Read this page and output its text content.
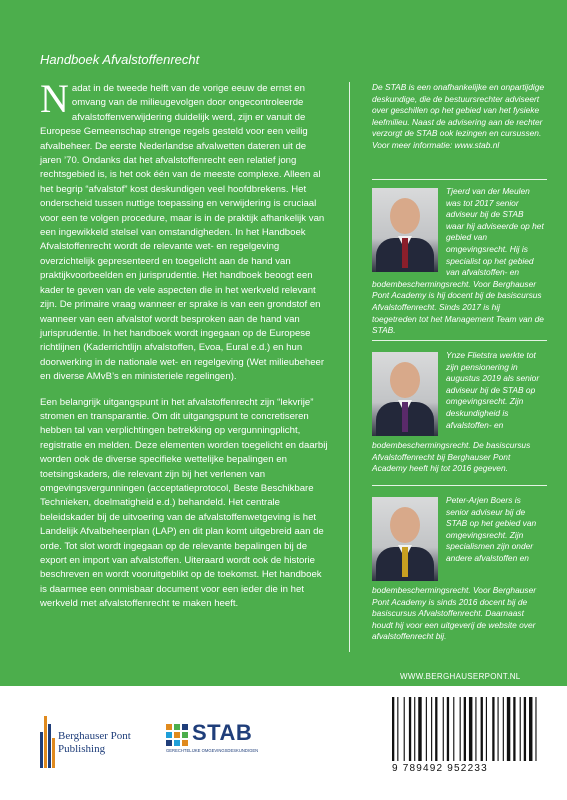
Handboek Afvalstoffenrecht

Nadat in de tweede helft van de vorige eeuw de ernst en omvang van de milieugevolgen door ongecontroleerde afvalstoffenverwijdering duidelijk werd, zijn er vanuit de Europese Gemeenschap strenge regels gesteld voor een veilig afvalbeheer. De eerste Nederlandse afvalwetten dateren uit de jaren ’70. Ondanks dat het afvalstoffenrecht een relatief jong rechtsgebied is, is het ook één van de meeste complexe. Alleen al het begrip “afvalstof” kost deskundigen veel hoofdbrekens. Het onderscheid tussen nuttige toepassing en verwijdering is cruciaal voor een te volgen procedure, maar is in de praktijk afhankelijk van een ingewikkeld stelsel van omstandigheden. In het Handboek Afvalstoffenrecht wordt de relevante wet- en regelgeving overzichtelijk gepresenteerd en toegelicht aan de hand van praktijkvoorbeelden en jurisprudentie. Het handboek beoogt een kader te geven van de vele aspecten die in het werkveld relevant zijn. De primaire vraag wanneer er sprake is van een grondstof en wanneer van een afvalstof wordt besproken aan de hand van jurisprudentie. In het handboek wordt ingegaan op de Europese richtlijnen (Kaderrichtlijn afvalstoffen, Evoa, Eural e.d.) en hun doorwerking in de nationale wet- en regelgeving (Wet milieubeheer en diverse AMvB’s en ministeriele regelingen).

Een belangrijk uitgangspunt in het afvalstoffenrecht zijn “lekvrije” stromen en transparantie. Om dit uitgangspunt te concretiseren hebben tal van verplichtingen betrekking op vergunningplicht, registratie en melden. Deze elementen worden toegelicht en daarbij worden ook de diverse specifieke wettelijke bepalingen en toetsingskaders, die relevant zijn bij het verlenen van omgevingsvergunningen (acceptatieprotocol, Beste Beschikbare Technieken, doelmatigheid e.d.) behandeld. Het centrale beleidskader bij de uitvoering van de afvalstoffenwetgeving is het Landelijk Afvalbeheerplan (LAP) en dit plan komt uitgebreid aan de orde. Tot slot wordt ingegaan op de relevante bepalingen bij de export en import van afvalstoffen. Uiteraard wordt ook de historie beschreven en wordt vooruitgeblikt op de toekomst. Het handboek is daarmee een onmisbaar document voor een ieder die in het werkveld met afvalstoffenrecht te maken heeft.

De STAB is een onafhankelijke en onpartijdige deskundige, die de bestuursrechter adviseert over geschillen op het gebied van het fysieke leefmilieu. Naast de advisering aan de rechter verzorgt de STAB ook lezingen en cursussen. Voor meer informatie: www.stab.nl

Tjeerd van der Meulen was tot 2017 senior adviseur bij de STAB waar hij adviseerde op het gebied van omgevingsrecht. Hij is specialist op het gebied van afvalstoffen- en bodembeschermingsrecht. Voor Berghauser Pont Academy is hij docent bij de basiscursus Afvalstoffenrecht. Sinds 2017 is hij toegetreden tot het Management Team van de STAB.
Ynze Flietstra werkte tot zijn pensionering in augustus 2019 als senior adviseur bij de STAB op omgevingsrecht. Zijn deskundigheid is afvalstoffen- en bodembeschermingsrecht. De basiscursus Afvalstoffenrecht bij Berghauser Pont Academy heeft hij tot 2016 gegeven.
Peter-Arjen Boers is senior adviseur bij de STAB op het gebied van omgevingsrecht. Zijn specialismen zijn onder andere afvalstoffen en bodembeschermingsrecht. Voor Berghauser Pont Academy is sinds 2016 docent bij de basiscursus Afvalstoffenrecht. Daarnaast houdt hij voor een uitgeverij de website over afvalstoffenrecht bij.
WWW.BERGHAUSERPONT.NL
Berghauser Pont
Publishing
STAB
GERECHTELIJKE OMGEVINGSDESKUNDIGEN
9 789492 952233
